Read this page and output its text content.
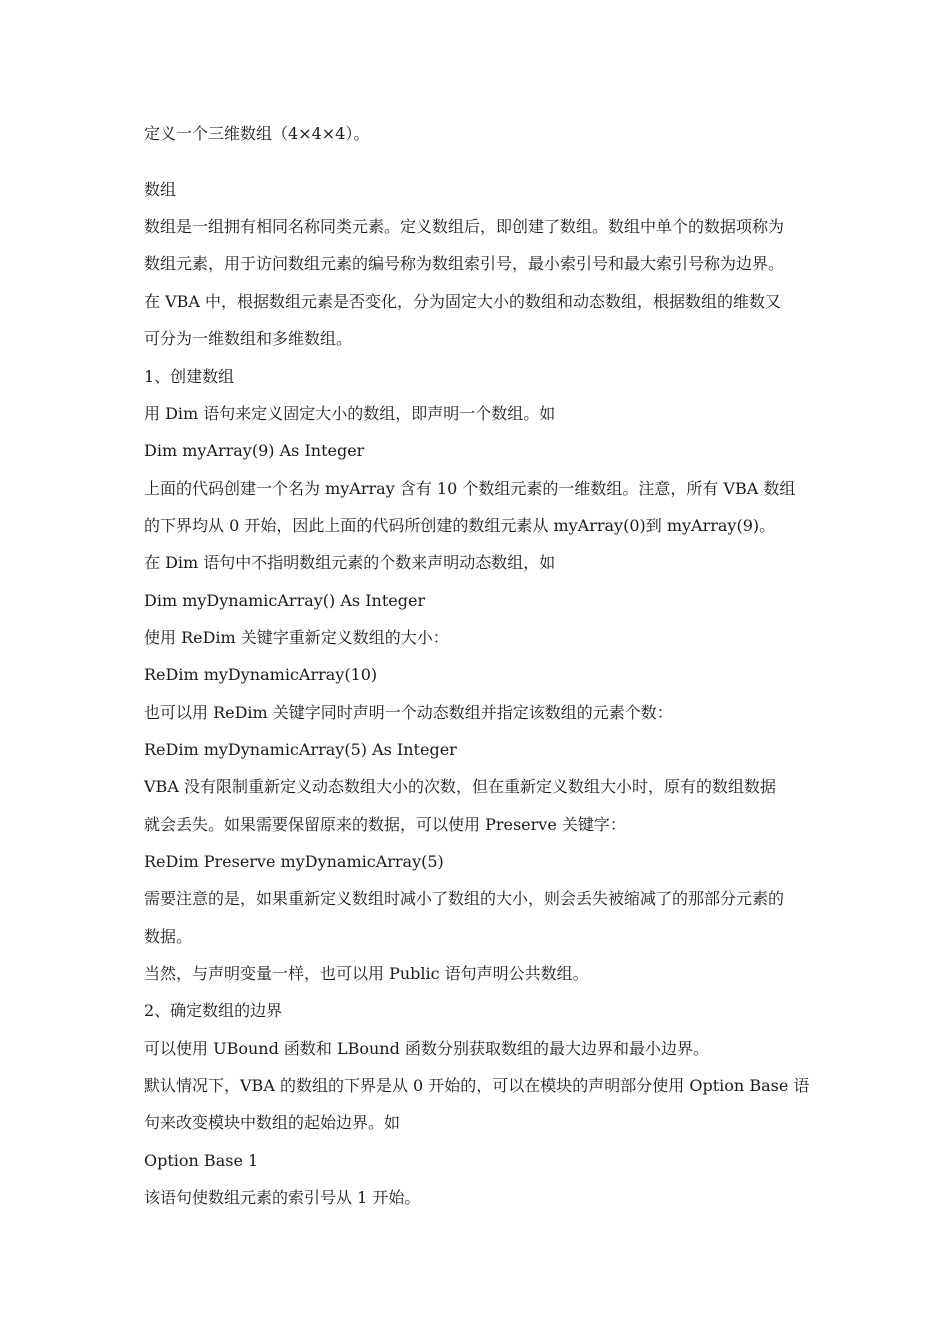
定义一个三维数组（4×4×4）。
数组
数组是一组拥有相同名称同类元素。定义数组后，即创建了数组。数组中单个的数据项称为
数组元素，用于访问数组元素的编号称为数组索引号，最小索引号和最大索引号称为边界。
在 VBA 中，根据数组元素是否变化，分为固定大小的数组和动态数组，根据数组的维数又
可分为一维数组和多维数组。
1、创建数组
用 Dim 语句来定义固定大小的数组，即声明一个数组。如
Dim myArray(9) As Integer
上面的代码创建一个名为 myArray 含有 10 个数组元素的一维数组。注意，所有 VBA 数组
的下界均从 0 开始，因此上面的代码所创建的数组元素从 myArray(0)到 myArray(9)。
在 Dim 语句中不指明数组元素的个数来声明动态数组，如
Dim myDynamicArray() As Integer
使用 ReDim 关键字重新定义数组的大小：
ReDim myDynamicArray(10)
也可以用 ReDim 关键字同时声明一个动态数组并指定该数组的元素个数：
ReDim myDynamicArray(5) As Integer
VBA 没有限制重新定义动态数组大小的次数，但在重新定义数组大小时，原有的数组数据
就会丢失。如果需要保留原来的数据，可以使用 Preserve 关键字：
ReDim Preserve myDynamicArray(5)
需要注意的是，如果重新定义数组时减小了数组的大小，则会丢失被缩减了的那部分元素的
数据。
当然，与声明变量一样，也可以用 Public 语句声明公共数组。
2、确定数组的边界
可以使用 UBound 函数和 LBound 函数分别获取数组的最大边界和最小边界。
默认情况下，VBA 的数组的下界是从 0 开始的，可以在模块的声明部分使用 Option Base 语
句来改变模块中数组的起始边界。如
Option Base 1
该语句使数组元素的索引号从 1 开始。
